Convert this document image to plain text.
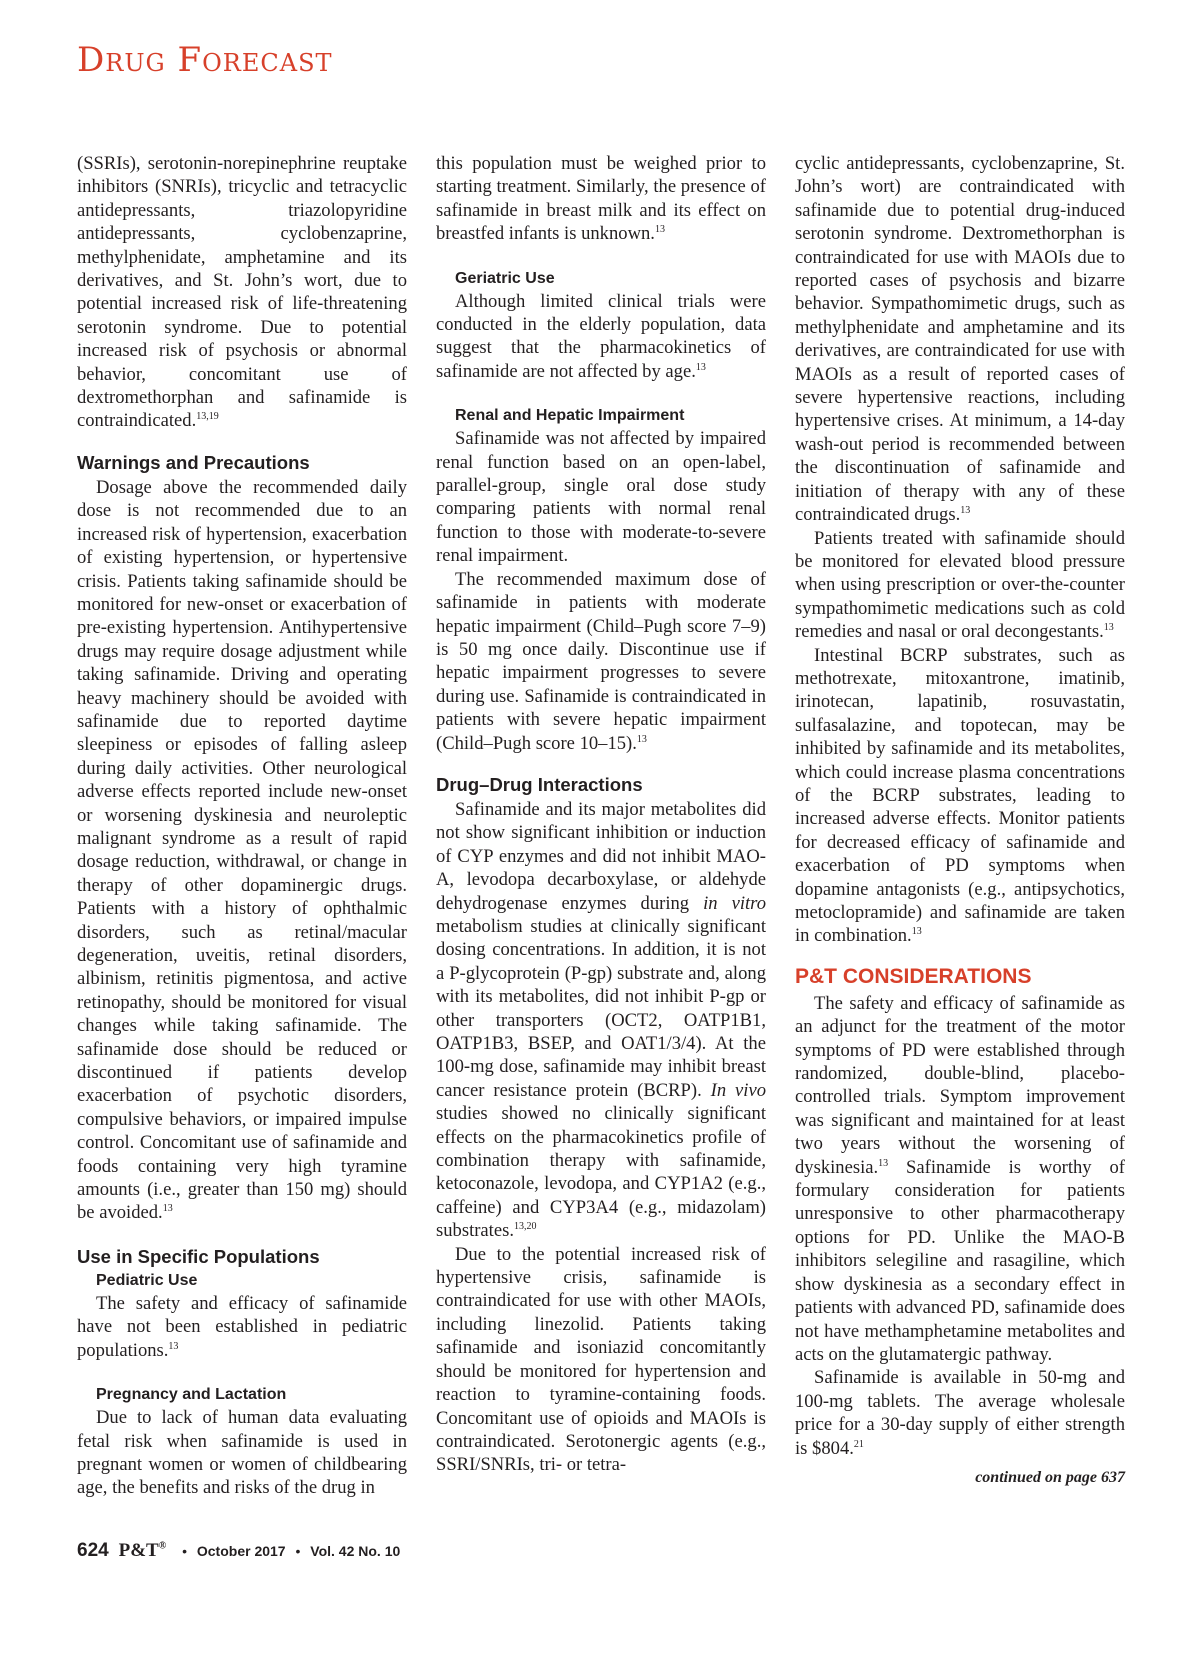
Drug Forecast

(SSRIs), serotonin-norepinephrine reuptake inhibitors (SNRIs), tricyclic and tetracyclic antidepressants, triazolopyridine antidepressants, cyclobenzaprine, methylphenidate, amphetamine and its derivatives, and St. John’s wort, due to potential increased risk of life-threatening serotonin syndrome. Due to potential increased risk of psychosis or abnormal behavior, concomitant use of dextromethorphan and safinamide is contraindicated.$^{13,19}$

Warnings and Precautions

Dosage above the recommended daily dose is not recommended due to an increased risk of hypertension, exacerbation of existing hypertension, or hypertensive crisis. Patients taking safinamide should be monitored for new-onset or exacerbation of pre-existing hypertension. Antihypertensive drugs may require dosage adjustment while taking safinamide. Driving and operating heavy machinery should be avoided with safinamide due to reported daytime sleepiness or episodes of falling asleep during daily activities. Other neurological adverse effects reported include new-onset or worsening dyskinesia and neuroleptic malignant syndrome as a result of rapid dosage reduction, withdrawal, or change in therapy of other dopaminergic drugs. Patients with a history of ophthalmic disorders, such as retinal/macular degeneration, uveitis, retinal disorders, albinism, retinitis pigmentosa, and active retinopathy, should be monitored for visual changes while taking safinamide. The safinamide dose should be reduced or discontinued if patients develop exacerbation of psychotic disorders, compulsive behaviors, or impaired impulse control. Concomitant use of safinamide and foods containing very high tyramine amounts (i.e., greater than 150 mg) should be avoided.$^{13}$

Use in Specific Populations
Pediatric Use

The safety and efficacy of safinamide have not been established in pediatric populations.$^{13}$

Pregnancy and Lactation

Due to lack of human data evaluating fetal risk when safinamide is used in pregnant women or women of childbearing age, the benefits and risks of the drug in

this population must be weighed prior to starting treatment. Similarly, the presence of safinamide in breast milk and its effect on breastfed infants is unknown.$^{13}$

Geriatric Use

Although limited clinical trials were conducted in the elderly population, data suggest that the pharmacokinetics of safinamide are not affected by age.$^{13}$

Renal and Hepatic Impairment

Safinamide was not affected by impaired renal function based on an open-label, parallel-group, single oral dose study comparing patients with normal renal function to those with moderate-to-severe renal impairment.

The recommended maximum dose of safinamide in patients with moderate hepatic impairment (Child–Pugh score 7–9) is 50 mg once daily. Discontinue use if hepatic impairment progresses to severe during use. Safinamide is contraindicated in patients with severe hepatic impairment (Child–Pugh score 10–15).$^{13}$

Drug–Drug Interactions

Safinamide and its major metabolites did not show significant inhibition or induction of CYP enzymes and did not inhibit MAO-A, levodopa decarboxylase, or aldehyde dehydrogenase enzymes during in vitro metabolism studies at clinically significant dosing concentrations. In addition, it is not a P-glycoprotein (P-gp) substrate and, along with its metabolites, did not inhibit P-gp or other transporters (OCT2, OATP1B1, OATP1B3, BSEP, and OAT1/3/4). At the 100-mg dose, safinamide may inhibit breast cancer resistance protein (BCRP). In vivo studies showed no clinically significant effects on the pharmacokinetics profile of combination therapy with safinamide, ketoconazole, levodopa, and CYP1A2 (e.g., caffeine) and CYP3A4 (e.g., midazolam) substrates.$^{13,20}$

Due to the potential increased risk of hypertensive crisis, safinamide is contraindicated for use with other MAOIs, including linezolid. Patients taking safinamide and isoniazid concomitantly should be monitored for hypertension and reaction to tyramine-containing foods. Concomitant use of opioids and MAOIs is contraindicated. Serotonergic agents (e.g., SSRI/SNRIs, tri- or tetra-

cyclic antidepressants, cyclobenzaprine, St. John’s wort) are contraindicated with safinamide due to potential drug-induced serotonin syndrome. Dextromethorphan is contraindicated for use with MAOIs due to reported cases of psychosis and bizarre behavior. Sympathomimetic drugs, such as methylphenidate and amphetamine and its derivatives, are contraindicated for use with MAOIs as a result of reported cases of severe hypertensive reactions, including hypertensive crises. At minimum, a 14-day wash-out period is recommended between the discontinuation of safinamide and initiation of therapy with any of these contraindicated drugs.$^{13}$

Patients treated with safinamide should be monitored for elevated blood pressure when using prescription or over-the-counter sympathomimetic medications such as cold remedies and nasal or oral decongestants.$^{13}$

Intestinal BCRP substrates, such as methotrexate, mitoxantrone, imatinib, irinotecan, lapatinib, rosuvastatin, sulfasalazine, and topotecan, may be inhibited by safinamide and its metabolites, which could increase plasma concentrations of the BCRP substrates, leading to increased adverse effects. Monitor patients for decreased efficacy of safinamide and exacerbation of PD symptoms when dopamine antagonists (e.g., antipsychotics, metoclopramide) and safinamide are taken in combination.$^{13}$

P&T CONSIDERATIONS

The safety and efficacy of safinamide as an adjunct for the treatment of the motor symptoms of PD were established through randomized, double-blind, placebo-controlled trials. Symptom improvement was significant and maintained for at least two years without the worsening of dyskinesia.$^{13}$ Safinamide is worthy of formulary consideration for patients unresponsive to other pharmacotherapy options for PD. Unlike the MAO-B inhibitors selegiline and rasagiline, which show dyskinesia as a secondary effect in patients with advanced PD, safinamide does not have methamphetamine metabolites and acts on the glutamatergic pathway.

Safinamide is available in 50-mg and 100-mg tablets. The average wholesale price for a 30-day supply of either strength is $804.21

continued on page 637
624 P&T® • October 2017 • Vol. 42 No. 10
